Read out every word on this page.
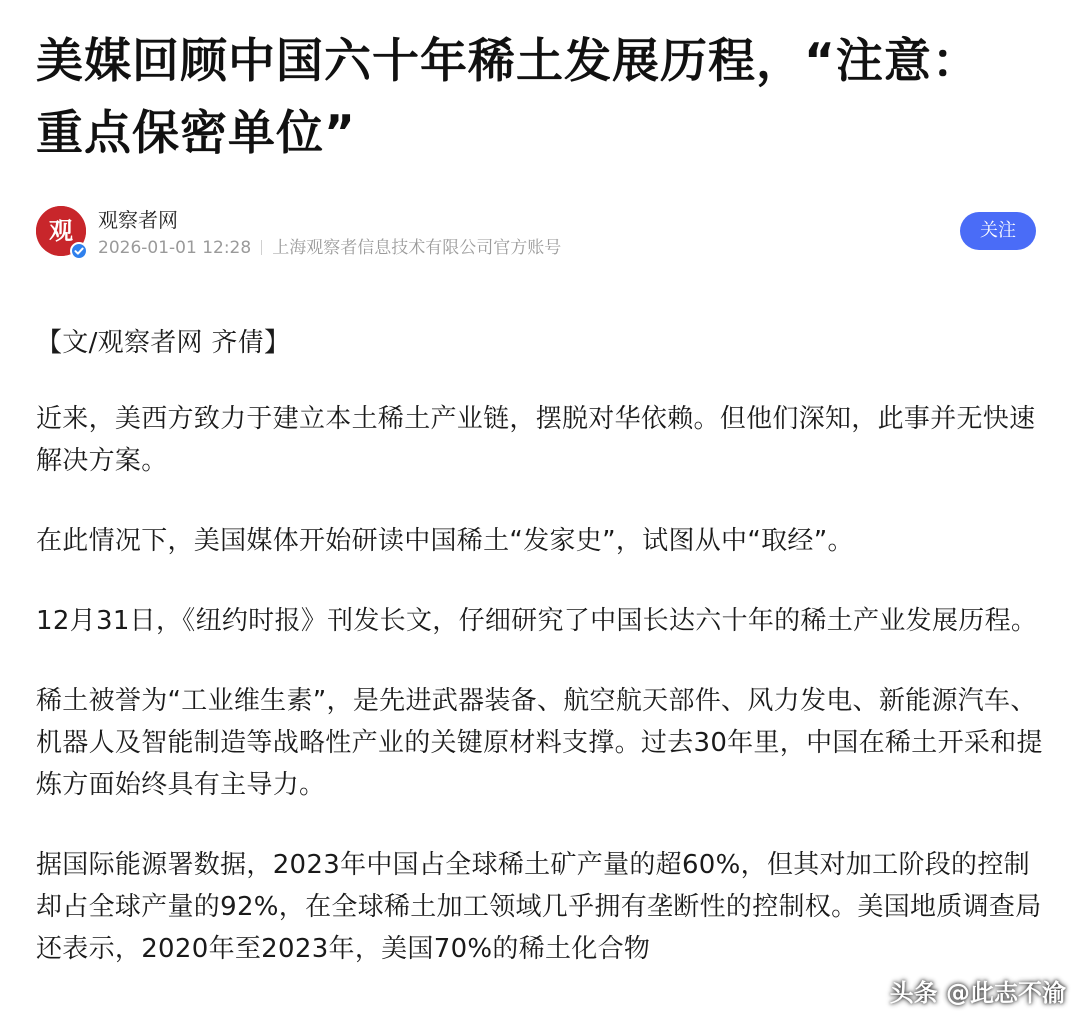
美媒回顾中国六十年稀土发展历程，“注意：重点保密单位”
观 观察者网
2026-01-01 12:28 上海观察者信息技术有限公司官方账号
关注

【文/观察者网 齐倩】

近来，美西方致力于建立本土稀土产业链，摆脱对华依赖。但他们深知，此事并无快速解决方案。

在此情况下，美国媒体开始研读中国稀土“发家史”，试图从中“取经”。

12月31日，《纽约时报》刊发长文，仔细研究了中国长达六十年的稀土产业发展历程。

稀土被誉为“工业维生素”，是先进武器装备、航空航天部件、风力发电、新能源汽车、机器人及智能制造等战略性产业的关键原材料支撑。过去30年里，中国在稀土开采和提炼方面始终具有主导力。

据国际能源署数据，2023年中国占全球稀土矿产量的超60%，但其对加工阶段的控制却占全球产量的92%，在全球稀土加工领域几乎拥有垄断性的控制权。美国地质调查局还表示，2020年至2023年，美国70%的稀土化合物

头条 @此志不渝
